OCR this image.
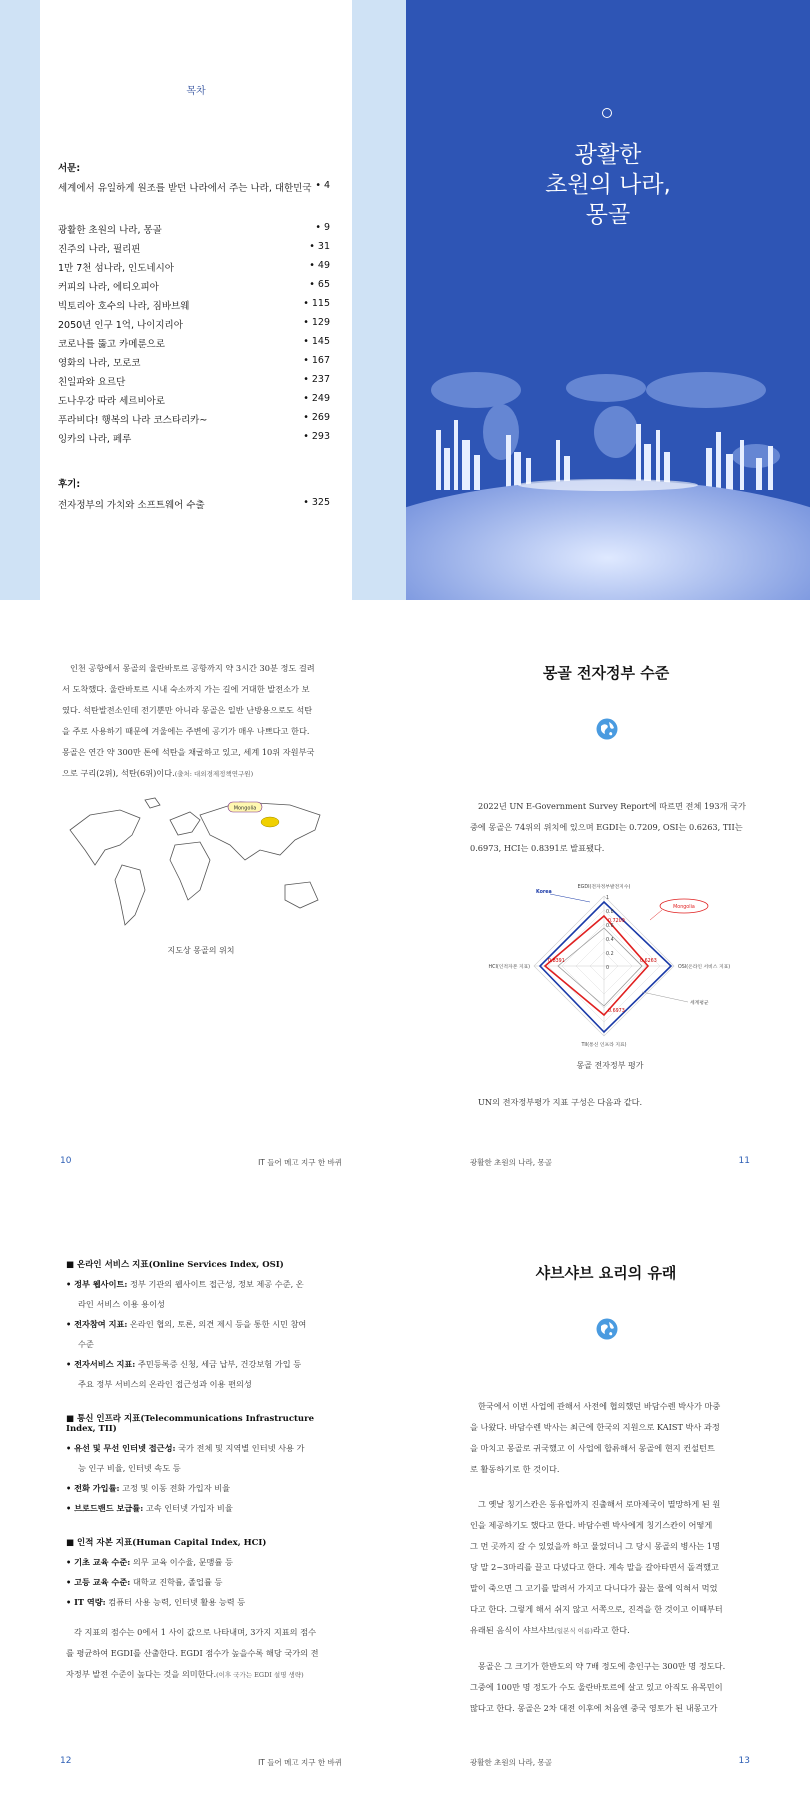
목차
서문:
세계에서 유일하게 원조를 받던 나라에서 주는 나라, 대한민국 • 4
광활한 초원의 나라, 몽골	• 9
진주의 나라, 필리핀	• 31
1만 7천 섬나라, 인도네시아	• 49
커피의 나라, 에티오피아	• 65
빅토리아 호수의 나라, 짐바브웨	• 115
2050년 인구 1억, 나이지리아	• 129
코로나를 뚫고 카메룬으로	• 145
영화의 나라, 모로코	• 167
친일파와 요르단	• 237
도나우강 따라 세르비아로	• 249
푸라비다! 행복의 나라 코스타리카~	• 269
잉카의 나라, 페루	• 293
후기:
전자정부의 가치와 소프트웨어 수출	• 325
광활한
초원의 나라,
몽골
인천 공항에서 몽골의 울란바토르 공항까지 약 3시간 30분 정도 걸려
서 도착했다. 울란바토르 시내 숙소까지 가는 길에 거대한 발전소가 보
였다. 석탄발전소인데 전기뿐만 아니라 몽골은 일반 난방용으로도 석탄
을 주로 사용하기 때문에 겨울에는 주변에 공기가 매우 나쁘다고 한다.
몽골은 연간 약 300만 톤에 석탄을 채굴하고 있고, 세계 10위 자원부국
으로 구리(2위), 석탄(6위)이다.(출처: 대외경제정책연구원)
Mongolia
지도상 몽골의 위치
10	IT 들어 메고 지구 한 바퀴
몽골 전자정부 수준
2022년 UN E-Government Survey Report에 따르면 전체 193개 국가
중에 몽골은 74위의 위치에 있으며 EGDI는 0.7209, OSI는 0.6263, TII는
0.6973, HCI는 0.8391로 발표됐다.
1
0.8
0.6
0.4
0.2
0
EGDI(전자정부발전지수)
OSI(온라인 서비스 지표)
TII(통신 인프라 지표)
HCI(인적자본 지표)
0.7209
0.6263
0.6973
0.8391
Korea
Mongolia
세계평균
몽골 전자정부 평가
UN의 전자정부평가 지표 구성은 다음과 같다.
광활한 초원의 나라, 몽골	11
■ 온라인 서비스 지표(Online Services Index, OSI)
• 정부 웹사이트: 정부 기관의 웹사이트 접근성, 정보 제공 수준, 온
라인 서비스 이용 용이성
• 전자참여 지표: 온라인 협의, 토론, 의견 제시 등을 통한 시민 참여
수준
• 전자서비스 지표: 주민등록증 신청, 세금 납부, 건강보험 가입 등
주요 정부 서비스의 온라인 접근성과 이용 편의성
■ 통신 인프라 지표(Telecommunications Infrastructure Index, TII)
• 유선 및 무선 인터넷 접근성: 국가 전체 및 지역별 인터넷 사용 가
능 인구 비율, 인터넷 속도 등
• 전화 가입률: 고정 및 이동 전화 가입자 비율
• 브로드밴드 보급률: 고속 인터넷 가입자 비율
■ 인적 자본 지표(Human Capital Index, HCI)
• 기초 교육 수준: 의무 교육 이수율, 문맹률 등
• 고등 교육 수준: 대학교 진학률, 졸업률 등
• IT 역량: 컴퓨터 사용 능력, 인터넷 활용 능력 등
각 지표의 점수는 0에서 1 사이 값으로 나타내며, 3가지 지표의 점수
를 평균하여 EGDI를 산출한다. EGDI 점수가 높을수록 해당 국가의 전
자정부 발전 수준이 높다는 것을 의미한다.(이후 국가는 EGDI 설명 생략)
12	IT 들어 메고 지구 한 바퀴
샤브샤브 요리의 유래
한국에서 이번 사업에 관해서 사전에 협의했던 바담수렌 박사가 마중
을 나왔다. 바담수렌 박사는 최근에 한국의 지원으로 KAIST 박사 과정
을 마치고 몽골로 귀국했고 이 사업에 합류해서 몽골에 현지 컨설턴트
로 활동하기로 한 것이다.
그 옛날 칭기스칸은 동유럽까지 진출해서 로마제국이 멸망하게 된 원
인을 제공하기도 했다고 한다. 바담수렌 박사에게 칭기스칸이 어떻게
그 먼 곳까지 갈 수 있었을까 하고 물었더니 그 당시 몽골의 병사는 1명
당 말 2~3마리를 끌고 다녔다고 한다. 계속 말을 갈아타면서 돌격했고
말이 죽으면 그 고기를 말려서 가지고 다니다가 끓는 물에 익혀서 먹었
다고 한다. 그렇게 해서 쉬지 않고 서쪽으로, 진격을 한 것이고 이때부터
유래된 음식이 샤브샤브(일본식 이름)라고 한다.
몽골은 그 크기가 한반도의 약 7배 정도에 총인구는 300만 명 정도다.
그중에 100만 명 정도가 수도 울란바토르에 살고 있고 아직도 유목민이
많다고 한다. 몽골은 2차 대전 이후에 처음엔 중국 영토가 된 내몽고가
광활한 초원의 나라, 몽골	13
